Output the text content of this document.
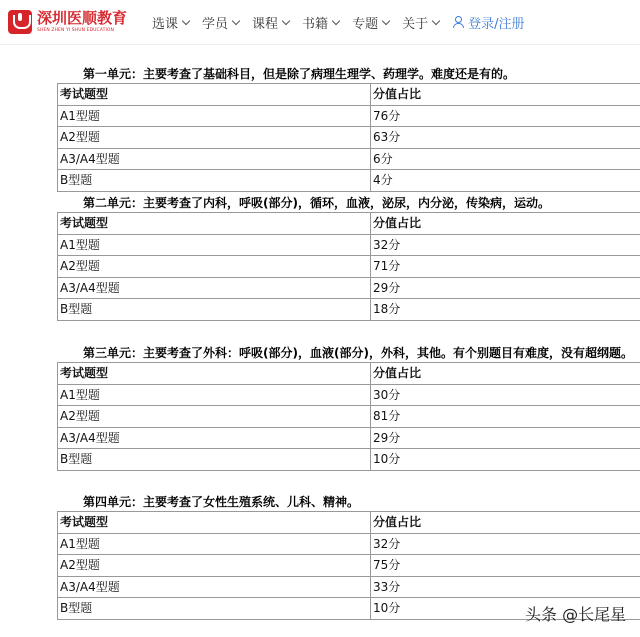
深圳医顺教育
SHEN ZHEN YI SHUN EDUCATION	选课 学员 课程 书籍 专题 关于	登录/注册
第一单元：主要考查了基础科目，但是除了病理生理学、药理学。难度还是有的。
考试题型	分值占比
A1型题	76分
A2型题	63分
A3/A4型题	6分
B型题	4分
第二单元：主要考查了内科，呼吸(部分)，循环，血液，泌尿，内分泌，传染病，运动。
考试题型	分值占比
A1型题	32分
A2型题	71分
A3/A4型题	29分
B型题	18分
第三单元：主要考查了外科：呼吸(部分)，血液(部分)，外科，其他。有个别题目有难度，没有超纲题。
考试题型	分值占比
A1型题	30分
A2型题	81分
A3/A4型题	29分
B型题	10分
第四单元：主要考查了女性生殖系统、儿科、精神。
考试题型	分值占比
A1型题	32分
A2型题	75分
A3/A4型题	33分
B型题	10分	头条 @长尾星
